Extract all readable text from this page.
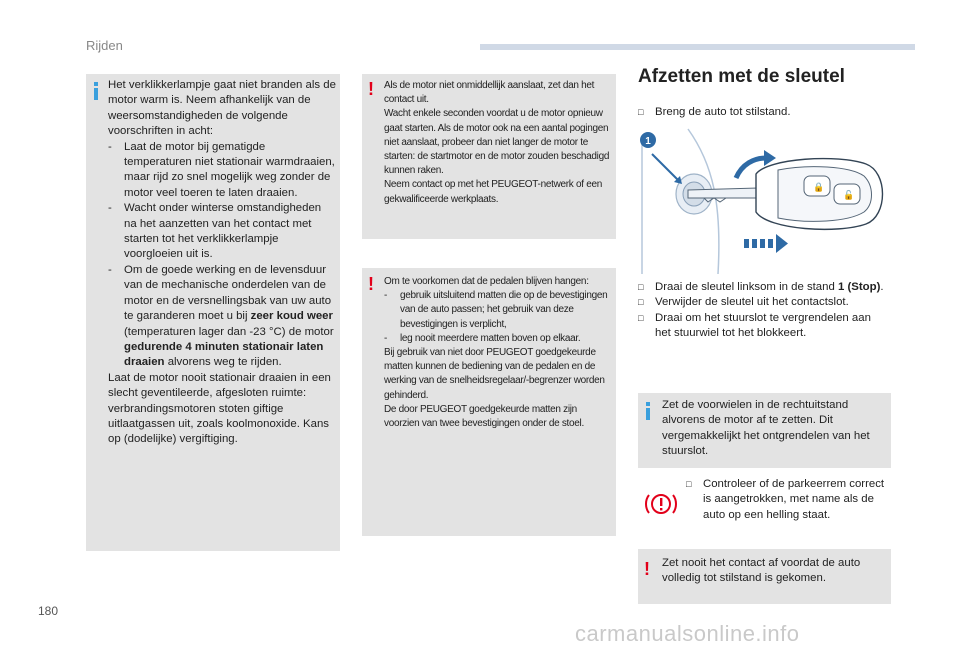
Rijden
Het verklikkerlampje gaat niet branden als de motor warm is. Neem afhankelijk van de weersomstandigheden de volgende voorschriften in acht:
- Laat de motor bij gematigde temperaturen niet stationair warmdraaien, maar rijd zo snel mogelijk weg zonder de motor veel toeren te laten draaien.
- Wacht onder winterse omstandigheden na het aanzetten van het contact met starten tot het verklikkerlampje voorgloeien uit is.
- Om de goede werking en de levensduur van de mechanische onderdelen van de motor en de versnellingsbak van uw auto te garanderen moet u bij zeer koud weer (temperaturen lager dan -23 °C) de motor gedurende 4 minuten stationair laten draaien alvorens weg te rijden.
Laat de motor nooit stationair draaien in een slecht geventileerde, afgesloten ruimte: verbrandingsmotoren stoten giftige uitlaatgassen uit, zoals koolmonoxide. Kans op (dodelijke) vergiftiging.
! Als de motor niet onmiddellijk aanslaat, zet dan het contact uit.
Wacht enkele seconden voordat u de motor opnieuw gaat starten. Als de motor ook na een aantal pogingen niet aanslaat, probeer dan niet langer de motor te starten: de startmotor en de motor zouden beschadigd kunnen raken.
Neem contact op met het PEUGEOT-netwerk of een gekwalificeerde werkplaats.
! Om te voorkomen dat de pedalen blijven hangen:
- gebruik uitsluitend matten die op de bevestigingen van de auto passen; het gebruik van deze bevestigingen is verplicht,
- leg nooit meerdere matten boven op elkaar.
Bij gebruik van niet door PEUGEOT goedgekeurde matten kunnen de bediening van de pedalen en de werking van de snelheidsregelaar/-begrenzer worden gehinderd.
De door PEUGEOT goedgekeurde matten zijn voorzien van twee bevestigingen onder de stoel.
Afzetten met de sleutel
□ Breng de auto tot stilstand.
🔒
🔓
1
□ Draai de sleutel linksom in de stand 1 (Stop).
□ Verwijder de sleutel uit het contactslot.
□ Draai om het stuurslot te vergrendelen aan het stuurwiel tot het blokkeert.
Zet de voorwielen in de rechtuitstand alvorens de motor af te zetten. Dit vergemakkelijkt het ontgrendelen van het stuurslot.
□ Controleer of de parkeerrem correct is aangetrokken, met name als de auto op een helling staat.
! Zet nooit het contact af voordat de auto volledig tot stilstand is gekomen.
180
carmanualsonline.info
